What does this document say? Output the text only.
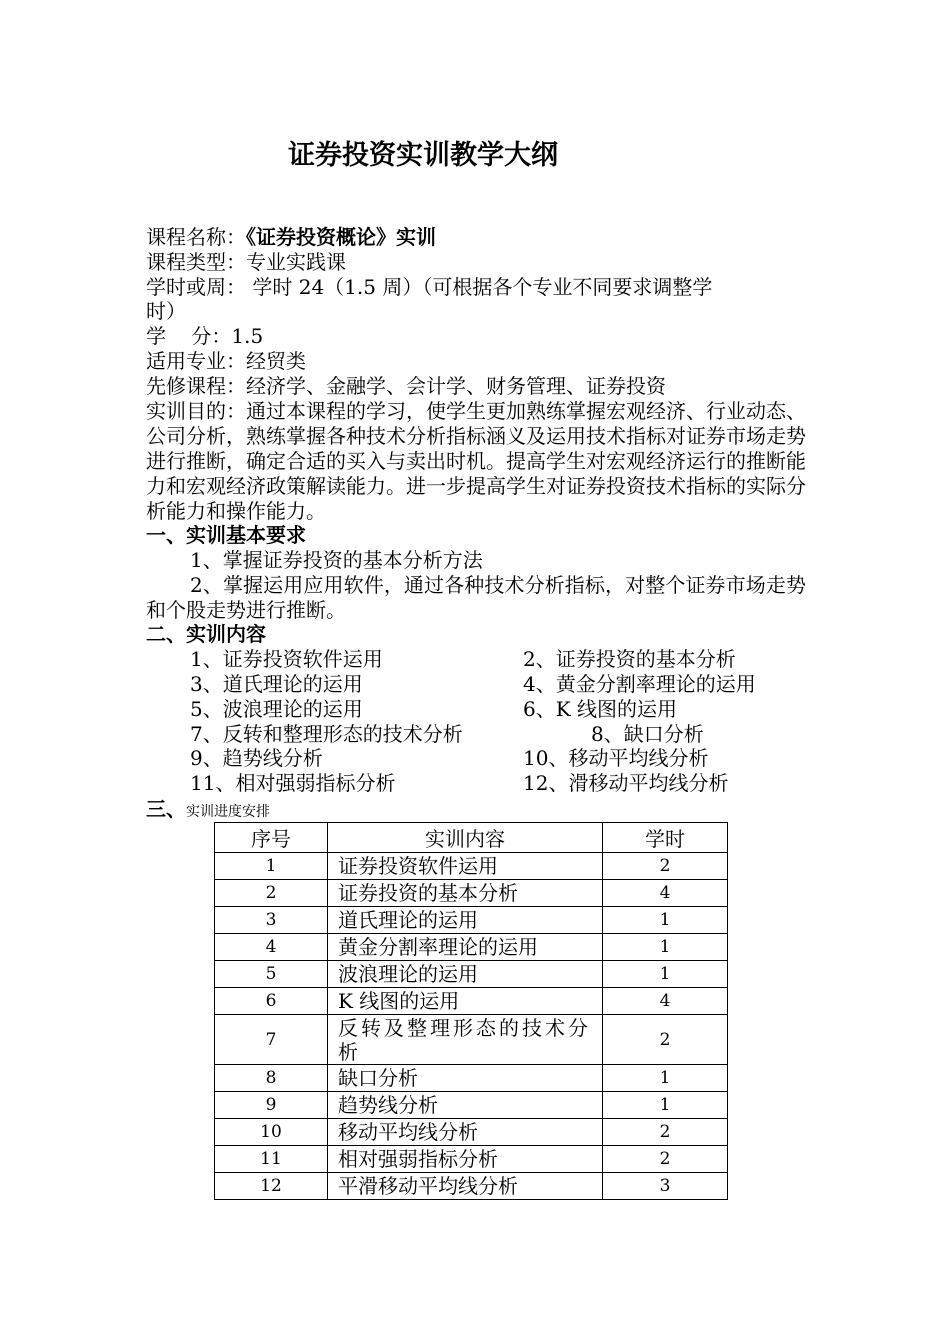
证券投资实训教学大纲
课程名称：《证券投资概论》实训
课程类型：专业实践课
学时或周： 学时 24（1.5 周）（可根据各个专业不同要求调整学
时）
学    分：1.5
适用专业：经贸类
先修课程：经济学、金融学、会计学、财务管理、证券投资
实训目的：通过本课程的学习，使学生更加熟练掌握宏观经济、行业动态、公司分析，熟练掌握各种技术分析指标涵义及运用技术指标对证券市场走势进行推断，确定合适的买入与卖出时机。提高学生对宏观经济运行的推断能力和宏观经济政策解读能力。进一步提高学生对证券投资技术指标的实际分析能力和操作能力。
一、实训基本要求
1、掌握证券投资的基本分析方法
2、掌握运用应用软件，通过各种技术分析指标，对整个证券市场走势和个股走势进行推断。
二、实训内容
1、证券投资软件运用	2、证券投资的基本分析
3、道氏理论的运用	4、黄金分割率理论的运用
5、波浪理论的运用	6、K 线图的运用
7、反转和整理形态的技术分析	8、缺口分析
9、趋势线分析	10、移动平均线分析
11、相对强弱指标分析	12、滑移动平均线分析
三、实训进度安排
序号	实训内容	学时
1	证券投资软件运用	2
2	证券投资的基本分析	4
3	道氏理论的运用	1
4	黄金分割率理论的运用	1
5	波浪理论的运用	1
6	K 线图的运用	4
7	反转及整理形态的技术分析	2
8	缺口分析	1
9	趋势线分析	1
10	移动平均线分析	2
11	相对强弱指标分析	2
12	平滑移动平均线分析	3
